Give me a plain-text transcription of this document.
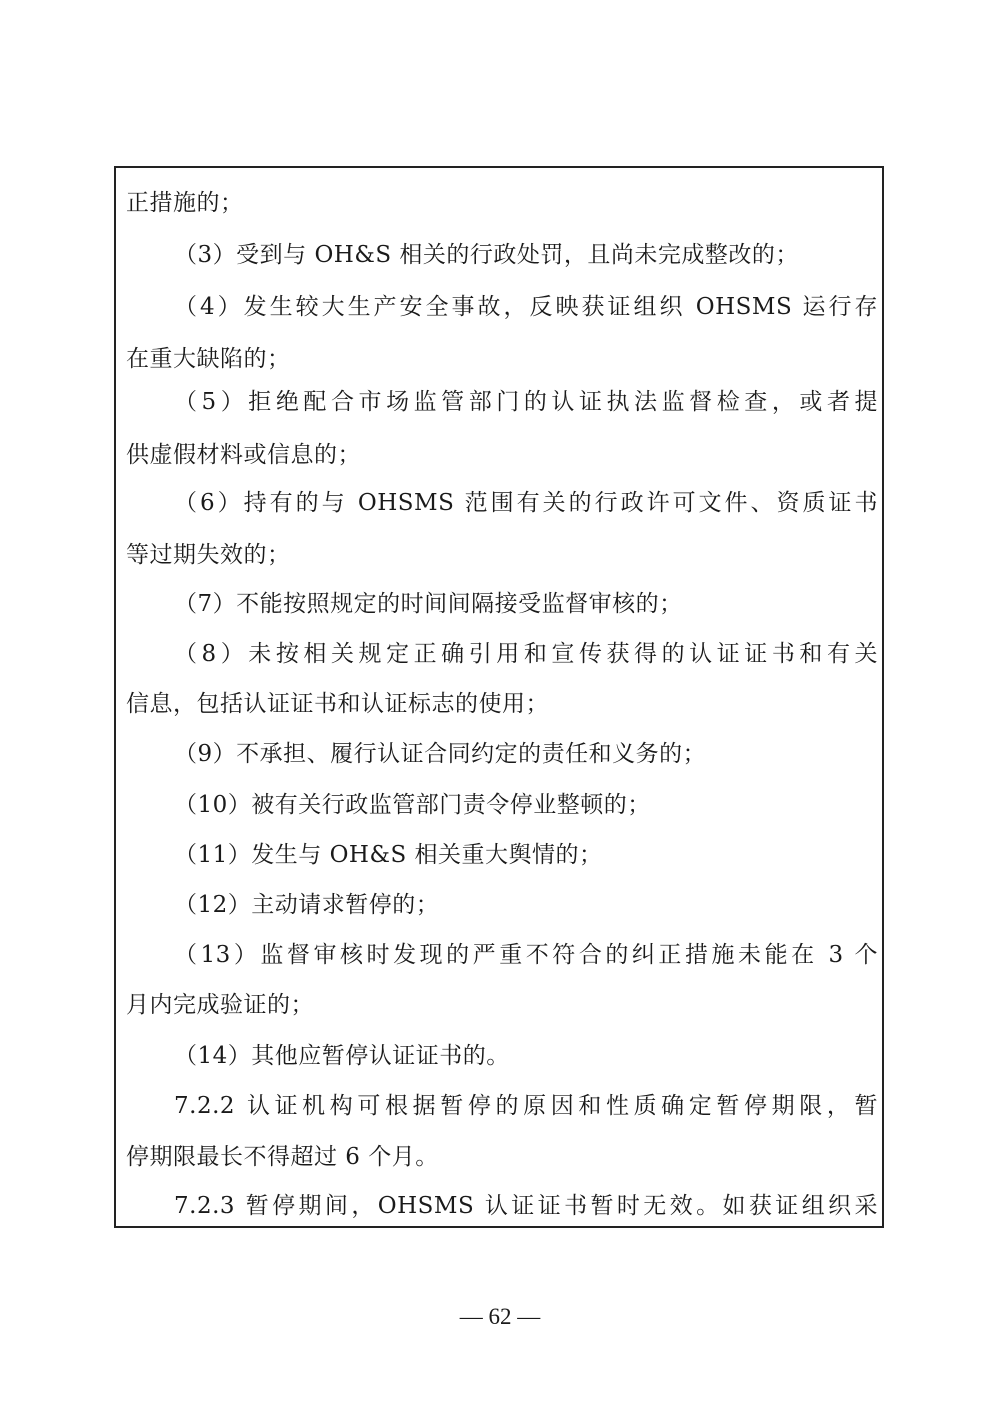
正措施的；
（3）受到与 OH&S 相关的行政处罚，且尚未完成整改的；
（4）发生较大生产安全事故，反映获证组织 OHSMS 运行存
在重大缺陷的；
（5）拒绝配合市场监管部门的认证执法监督检查，或者提
供虚假材料或信息的；
（6）持有的与 OHSMS 范围有关的行政许可文件、资质证书
等过期失效的；
（7）不能按照规定的时间间隔接受监督审核的；
（8）未按相关规定正确引用和宣传获得的认证证书和有关
信息，包括认证证书和认证标志的使用；
（9）不承担、履行认证合同约定的责任和义务的；
（10）被有关行政监管部门责令停业整顿的；
（11）发生与 OH&S 相关重大舆情的；
（12）主动请求暂停的；
（13）监督审核时发现的严重不符合的纠正措施未能在 3 个
月内完成验证的；
（14）其他应暂停认证证书的。
7.2.2 认证机构可根据暂停的原因和性质确定暂停期限，暂
停期限最长不得超过 6 个月。
7.2.3 暂停期间，OHSMS 认证证书暂时无效。如获证组织采
— 62 —
